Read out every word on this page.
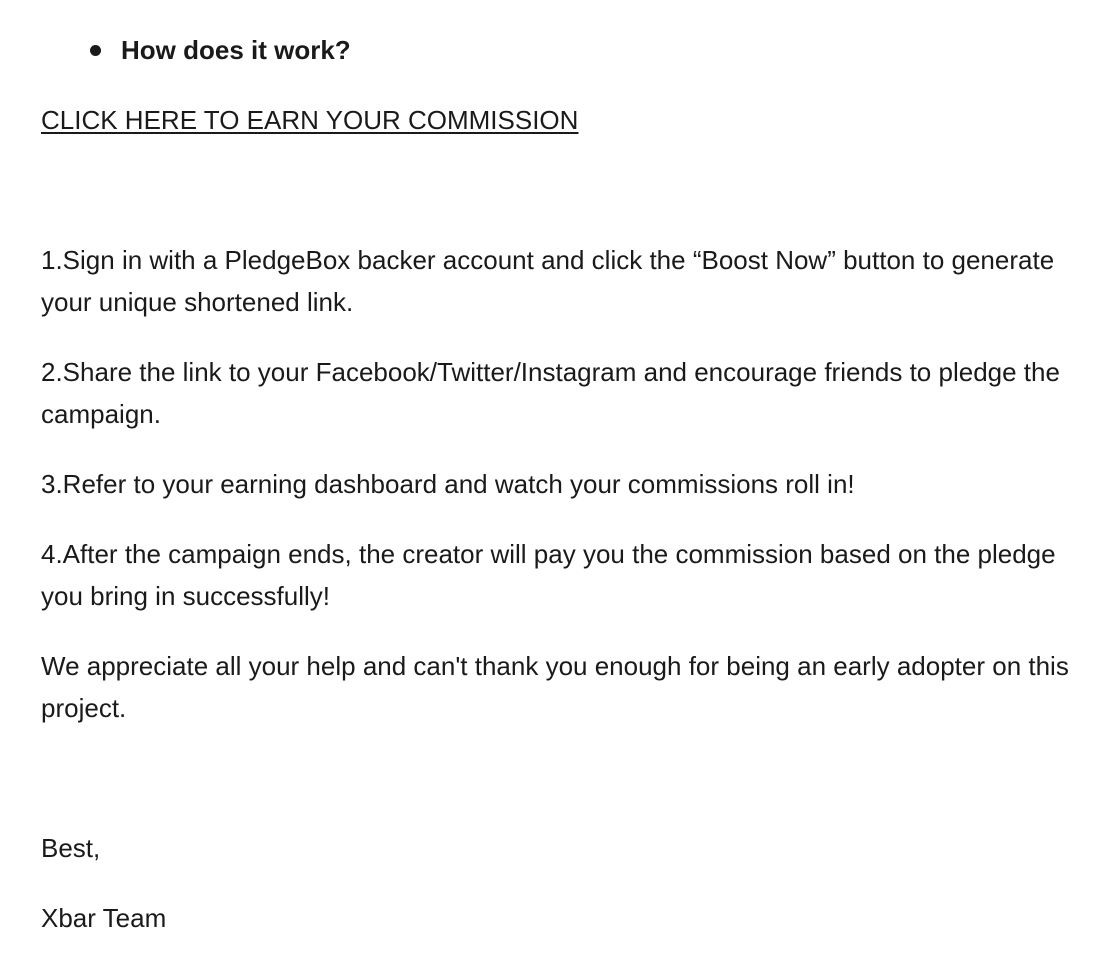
How does it work?
CLICK HERE TO EARN YOUR COMMISSION

1.Sign in with a PledgeBox backer account and click the “Boost Now” button to generate your unique shortened link.

2.Share the link to your Facebook/Twitter/Instagram and encourage friends to pledge the campaign.

3.Refer to your earning dashboard and watch your commissions roll in!

4.After the campaign ends, the creator will pay you the commission based on the pledge you bring in successfully!

We appreciate all your help and can't thank you enough for being an early adopter on this project.

Best,

Xbar Team
